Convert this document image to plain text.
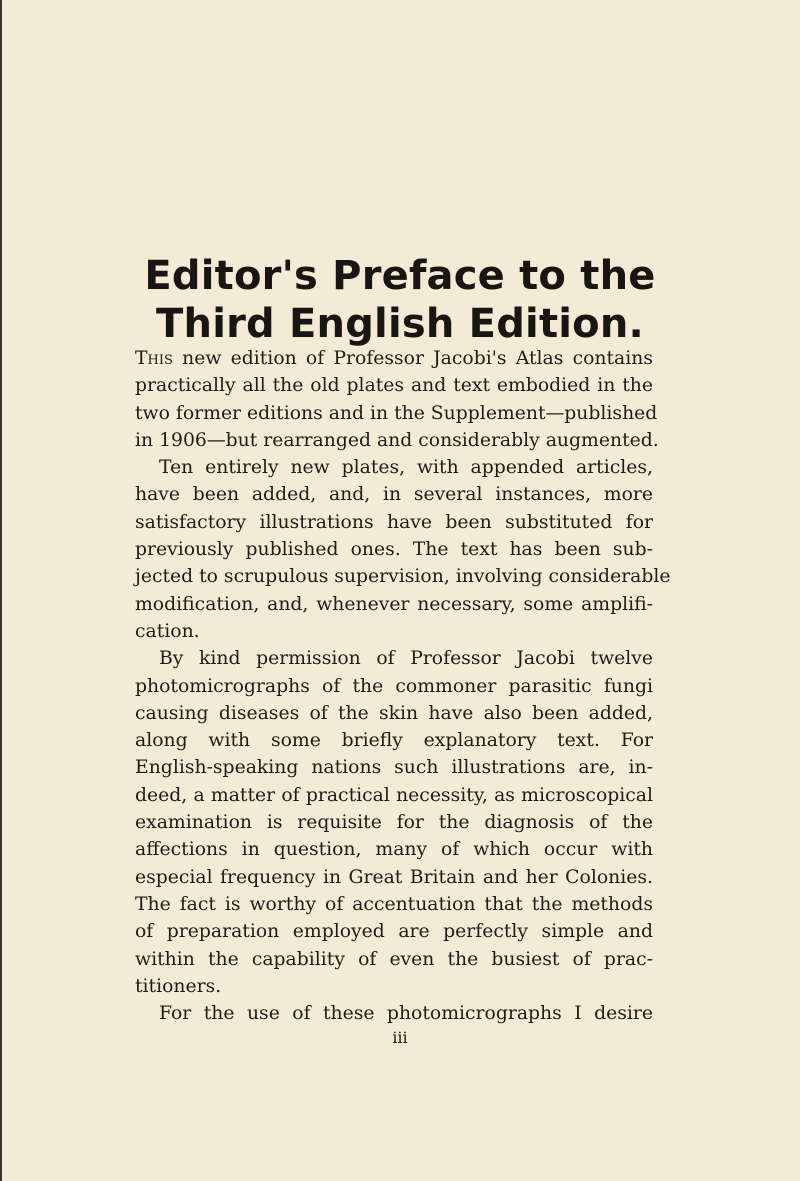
Editor's Preface to the
Third English Edition.
This new edition of Professor Jacobi's Atlas contains
practically all the old plates and text embodied in the
two former editions and in the Supplement—published
in 1906—but rearranged and considerably augmented.
Ten entirely new plates, with appended articles,
have been added, and, in several instances, more
satisfactory illustrations have been substituted for
previously published ones. The text has been sub-
jected to scrupulous supervision, involving considerable
modification, and, whenever necessary, some amplifi-
cation.
By kind permission of Professor Jacobi twelve
photomicrographs of the commoner parasitic fungi
causing diseases of the skin have also been added,
along with some briefly explanatory text. For
English-speaking nations such illustrations are, in-
deed, a matter of practical necessity, as microscopical
examination is requisite for the diagnosis of the
affections in question, many of which occur with
especial frequency in Great Britain and her Colonies.
The fact is worthy of accentuation that the methods
of preparation employed are perfectly simple and
within the capability of even the busiest of prac-
titioners.
For the use of these photomicrographs I desire
iii
